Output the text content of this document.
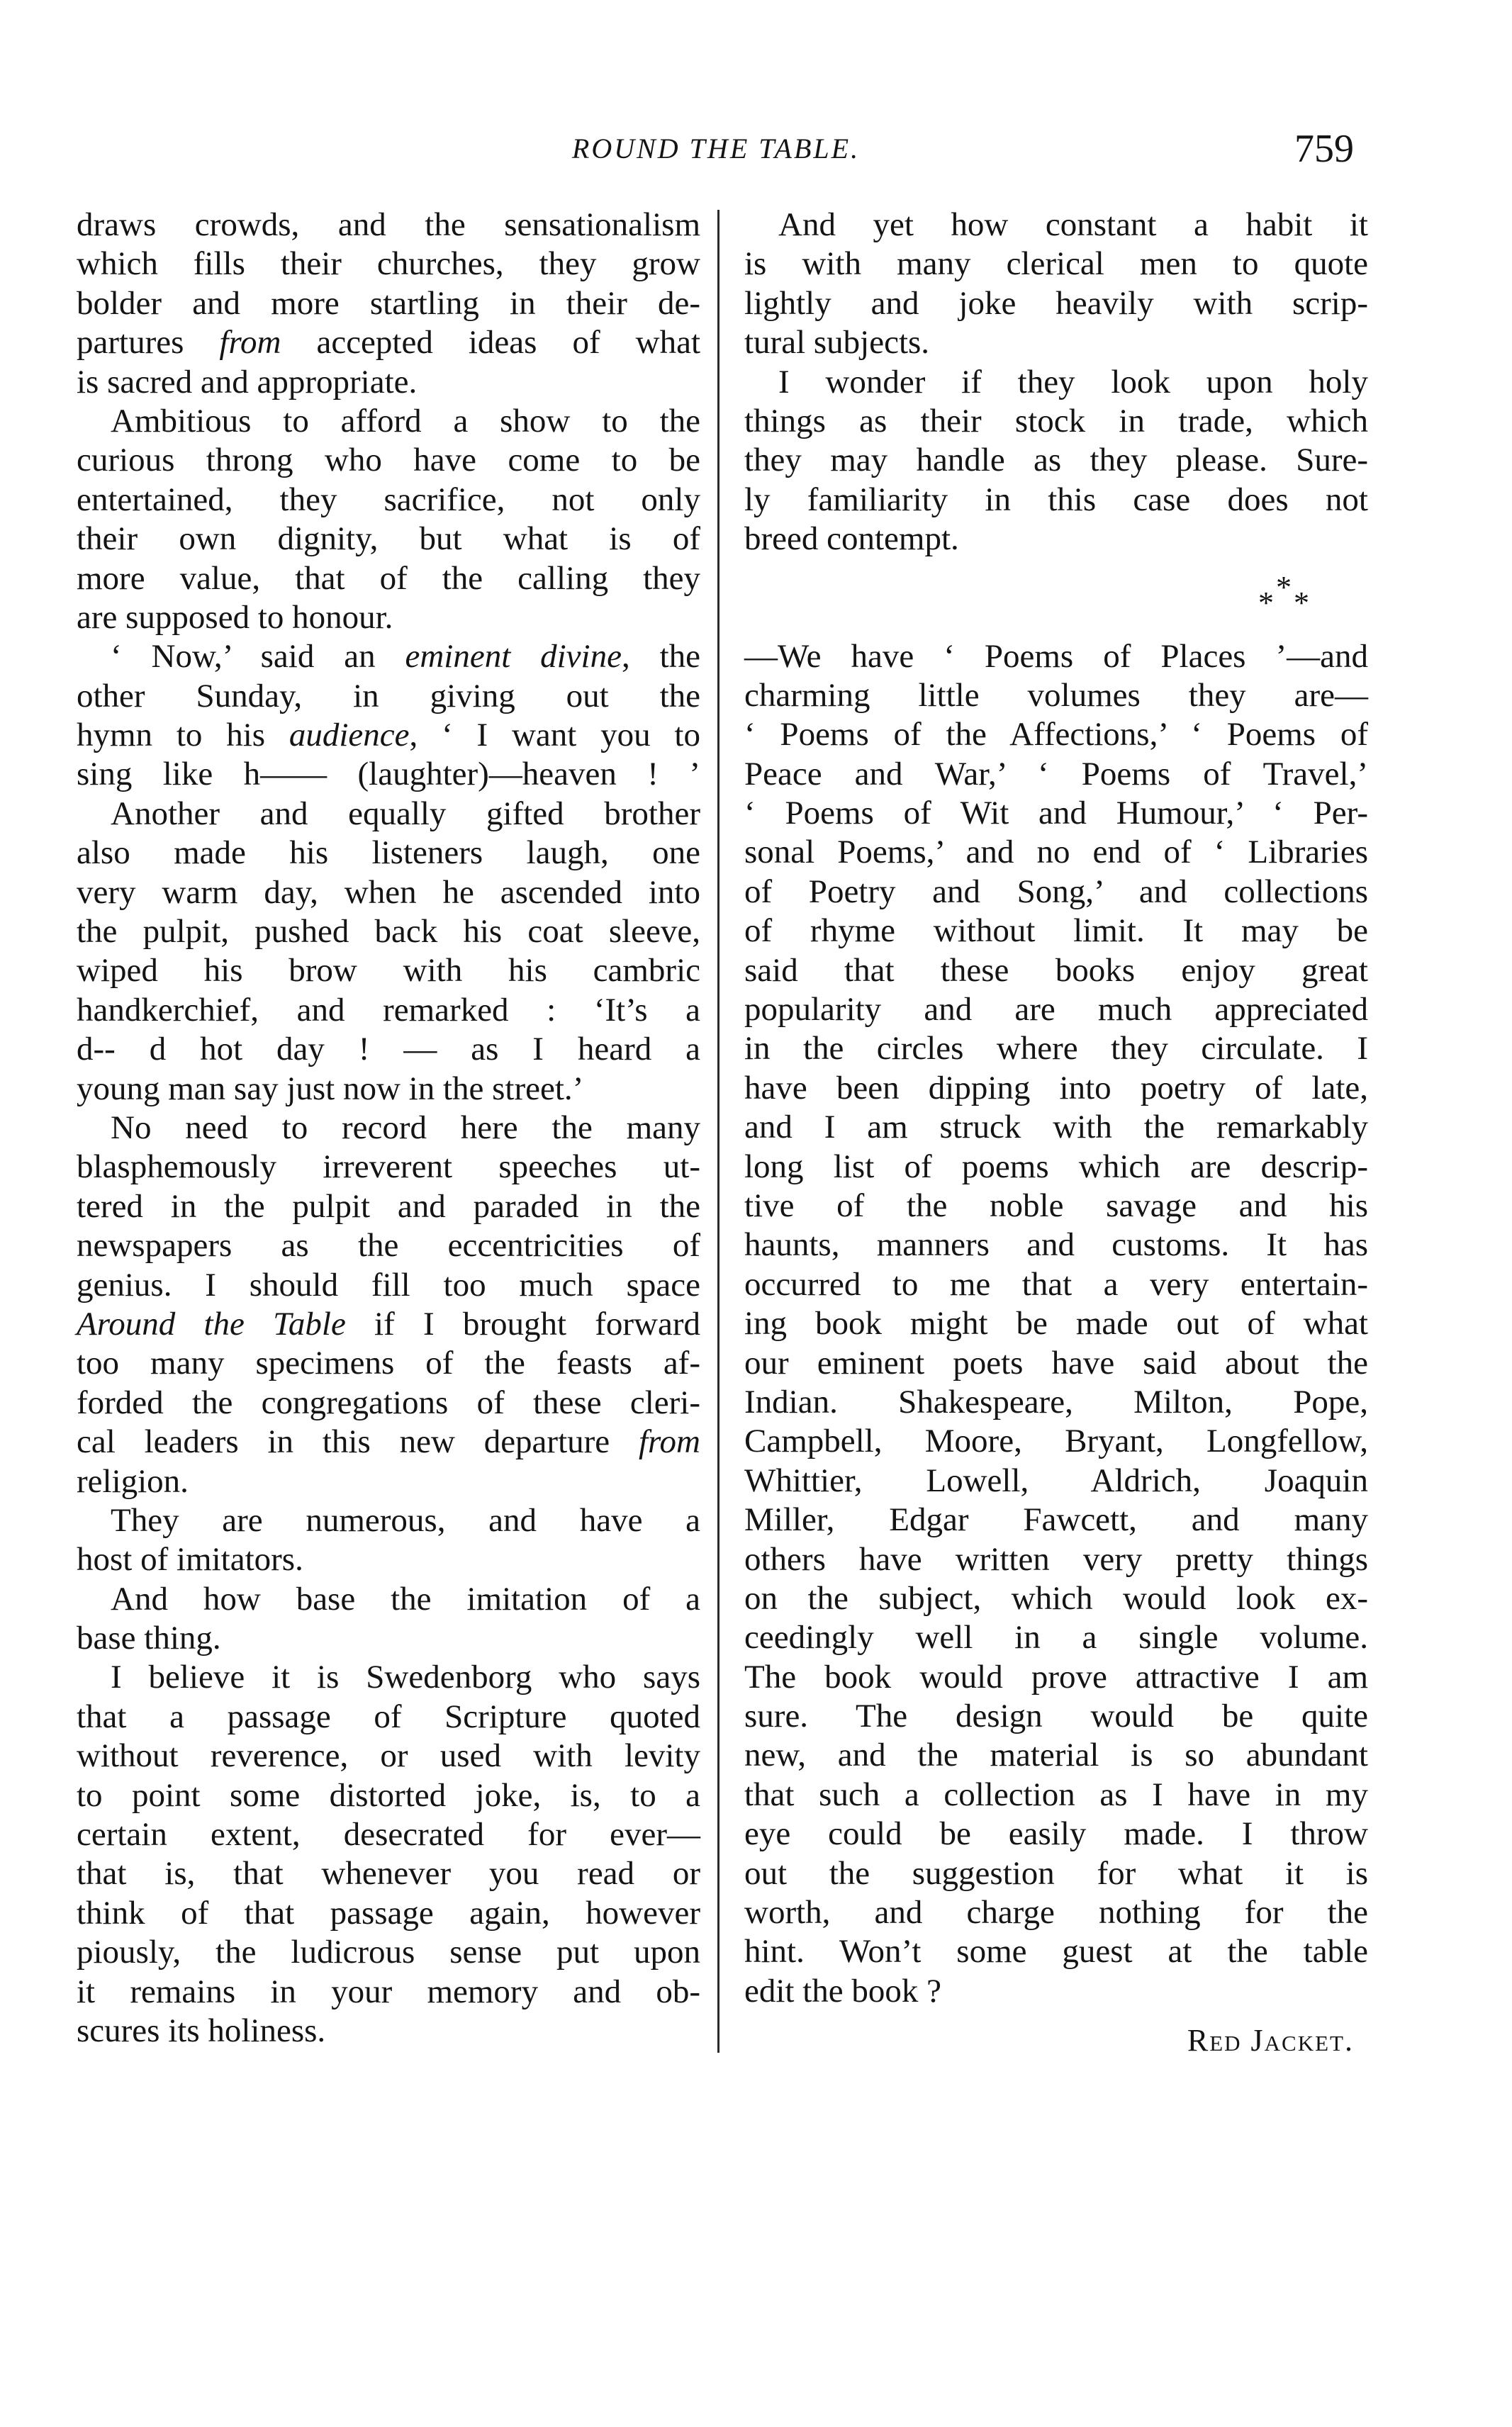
ROUND THE TABLE.	759
draws crowds, and the sensationalism
which fills their churches, they grow
bolder and more startling in their de-
partures from accepted ideas of what
is sacred and appropriate.
Ambitious to afford a show to the
curious throng who have come to be
entertained, they sacrifice, not only
their own dignity, but what is of
more value, that of the calling they
are supposed to honour.
‘ Now,’ said an eminent divine, the
other Sunday, in giving out the
hymn to his audience, ‘ I want you to
sing like h—— (laughter)—heaven ! ’
Another and equally gifted brother
also made his listeners laugh, one
very warm day, when he ascended into
the pulpit, pushed back his coat sleeve,
wiped his brow with his cambric
handkerchief, and remarked : ‘It’s a
d-- d hot day ! — as I heard a
young man say just now in the street.’
No need to record here the many
blasphemously irreverent speeches ut-
tered in the pulpit and paraded in the
newspapers as the eccentricities of
genius. I should fill too much space
Around the Table if I brought forward
too many specimens of the feasts af-
forded the congregations of these cleri-
cal leaders in this new departure from
religion.
They are numerous, and have a
host of imitators.
And how base the imitation of a
base thing.
I believe it is Swedenborg who says
that a passage of Scripture quoted
without reverence, or used with levity
to point some distorted joke, is, to a
certain extent, desecrated for ever—
that is, that whenever you read or
think of that passage again, however
piously, the ludicrous sense put upon
it remains in your memory and ob-
scures its holiness.
And yet how constant a habit it
is with many clerical men to quote
lightly and joke heavily with scrip-
tural subjects.
I wonder if they look upon holy
things as their stock in trade, which
they may handle as they please. Sure-
ly familiarity in this case does not
breed contempt.
*
* *
—We have ‘ Poems of Places ’—and
charming little volumes they are—
‘ Poems of the Affections,’ ‘ Poems of
Peace and War,’ ‘ Poems of Travel,’
‘ Poems of Wit and Humour,’ ‘ Per-
sonal Poems,’ and no end of ‘ Libraries
of Poetry and Song,’ and collections
of rhyme without limit. It may be
said that these books enjoy great
popularity and are much appreciated
in the circles where they circulate. I
have been dipping into poetry of late,
and I am struck with the remarkably
long list of poems which are descrip-
tive of the noble savage and his
haunts, manners and customs. It has
occurred to me that a very entertain-
ing book might be made out of what
our eminent poets have said about the
Indian. Shakespeare, Milton, Pope,
Campbell, Moore, Bryant, Longfellow,
Whittier, Lowell, Aldrich, Joaquin
Miller, Edgar Fawcett, and many
others have written very pretty things
on the subject, which would look ex-
ceedingly well in a single volume.
The book would prove attractive I am
sure. The design would be quite
new, and the material is so abundant
that such a collection as I have in my
eye could be easily made. I throw
out the suggestion for what it is
worth, and charge nothing for the
hint. Won’t some guest at the table
edit the book ?
Red Jacket.
